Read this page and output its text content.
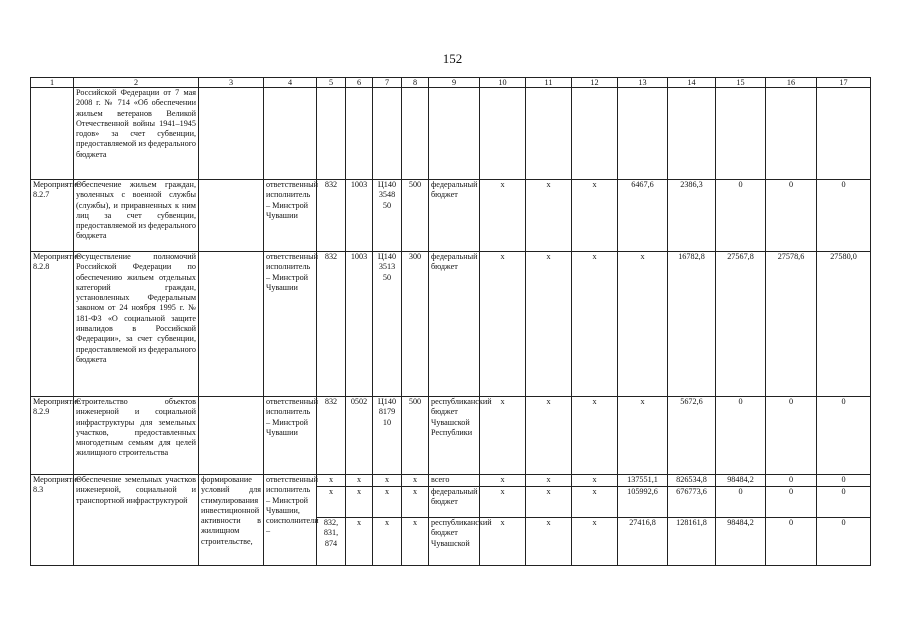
152
1	2	3	4	5	6	7	8	9	10	11	12	13	14	15	16	17
	Российской Федерации от 7 мая 2008 г. № 714 «Об обеспечении жильем ветеранов Великой Отечественной войны 1941–1945 годов» за счет субвенции, предоставляемой из федерального бюджета															
Мероприятие 8.2.7	Обеспечение жильем граждан, уволенных с военной службы (службы), и приравненных к ним лиц за счет субвенции, предоставляемой из федерального бюджета		ответственный исполнитель – Минстрой Чувашии	832	1003	Ц140 3548 50	500	федеральный бюджет	x	x	x	6467,6	2386,3	0	0	0
Мероприятие 8.2.8	Осуществление полномочий Российской Федерации по обеспечению жильем отдельных категорий граждан, установленных Федеральным законом от 24 ноября 1995 г. № 181-ФЗ «О социальной защите инвалидов в Российской Федерации», за счет субвенции, предоставляемой из федерального бюджета		ответственный исполнитель – Минстрой Чувашии	832	1003	Ц140 3513 50	300	федеральный бюджет	x	x	x	x	16782,8	27567,8	27578,6	27580,0
Мероприятие 8.2.9	Строительство объектов инженерной и социальной инфраструктуры для земельных участков, предоставленных многодетным семьям для целей жилищного строительства		ответственный исполнитель – Минстрой Чувашии	832	0502	Ц140 8179 10	500	республиканский бюджет Чувашской Республики	x	x	x	x	5672,6	0	0	0
Мероприятие 8.3	Обеспечение земельных участков инженерной, социальной и транспортной инфраструктурой	формирование условий для стимулирования инвестиционной активности в жилищном строительстве,	ответственный исполнитель – Минстрой Чувашии, соисполнители –	x	x	x	x	всего	x	x	x	137551,1	826534,8	98484,2	0	0
				x	x	x	x	федеральный бюджет	x	x	x	105992,6	676773,6	0	0	0
				832, 831, 874	x	x	x	республиканский бюджет Чувашской	x	x	x	27416,8	128161,8	98484,2	0	0
